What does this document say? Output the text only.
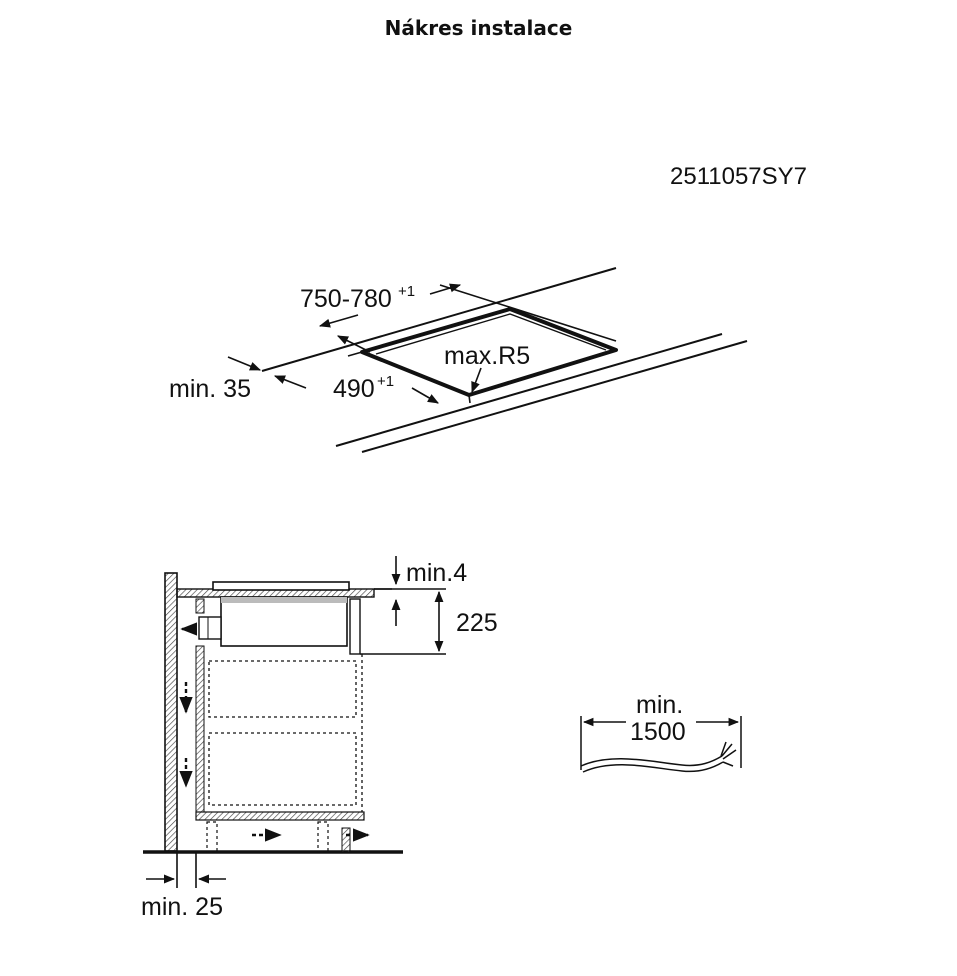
Nákres instalace
2511057SY7
750-780 +1
490 +1
min. 35
max.R5
min.4
225
min. 25
min.
1500
